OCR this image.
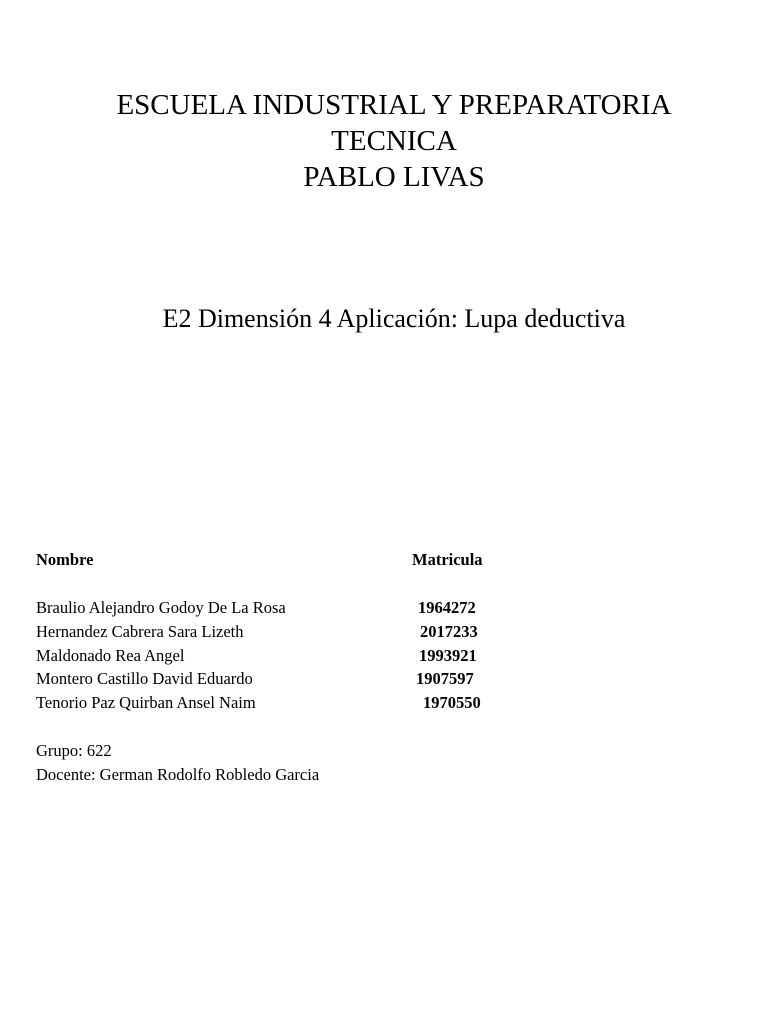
ESCUELA INDUSTRIAL Y PREPARATORIA
TECNICA
PABLO LIVAS
E2 Dimensión 4 Aplicación: Lupa deductiva
Nombre	Matricula
Braulio Alejandro Godoy De La Rosa	1964272
Hernandez Cabrera Sara Lizeth	2017233
Maldonado Rea Angel	1993921
Montero Castillo David Eduardo	1907597
Tenorio Paz Quirban Ansel Naim	1970550
Grupo: 622
Docente: German Rodolfo Robledo Garcia
